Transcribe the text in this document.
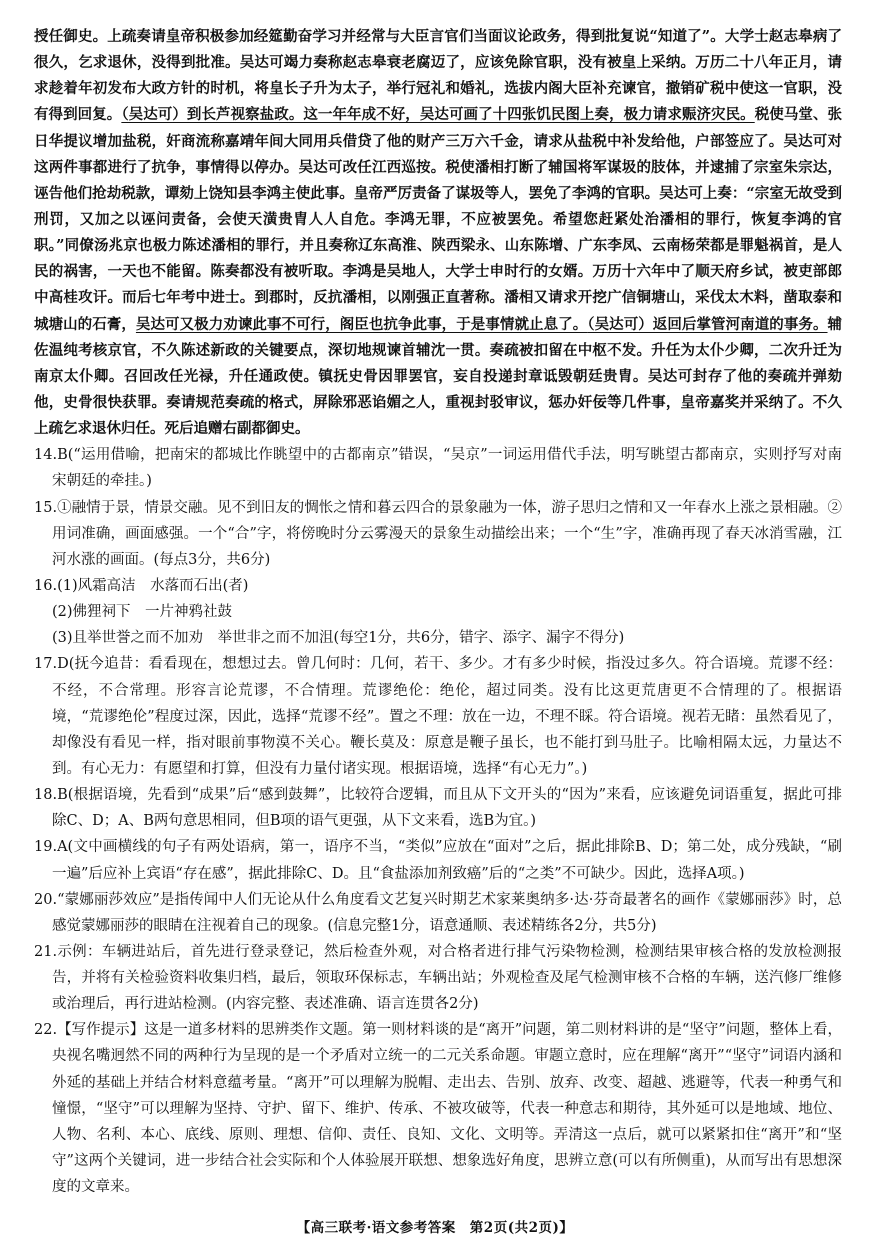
授任御史。上疏奏请皇帝积极参加经筵勤奋学习并经常与大臣言官们当面议论政务，得到批复说“知道了”。大学士赵志皋病了很久，乞求退休，没得到批准。吴达可竭力奏称赵志皋衰老腐迈了，应该免除官职，没有被皇上采纳。万历二十八年正月，请求趁着年初发布大政方针的时机，将皇长子升为太子，举行冠礼和婚礼，选拔内阁大臣补充谏官，撤销矿税中使这一官职，没有得到回复。（吴达可）到长芦视察盐政。这一年年成不好，吴达可画了十四张饥民图上奏，极力请求赈济灾民。税使马堂、张日华提议增加盐税，奸商流称嘉靖年间大同用兵借贷了他的财产三万六千金，请求从盐税中补发给他，户部签应了。吴达可对这两件事都进行了抗争，事情得以停办。吴达可改任江西巡按。税使潘相打断了辅国将军谋圾的肢体，并逮捕了宗室朱宗达，诬告他们抢劫税款，谭劾上饶知县李鸿主使此事。皇帝严厉责备了谋圾等人，罢免了李鸿的官职。吴达可上奏：“宗室无故受到刑罚，又加之以诬问责备，会使天潢贵胄人人自危。李鸿无罪，不应被罢免。希望您赶紧处治潘相的罪行，恢复李鸿的官职。”同僚汤兆京也极力陈述潘相的罪行，并且奏称辽东高淮、陕西梁永、山东陈增、广东李凤、云南杨荣都是罪魁祸首，是人民的祸害，一天也不能留。陈奏都没有被听取。李鸿是吴地人，大学士申时行的女婿。万历十六年中了顺天府乡试，被吏部郎中高桂攻讦。而后七年考中进士。到郡时，反抗潘相，以刚强正直著称。潘相又请求开挖广信铜塘山，采伐太木料，凿取泰和城塘山的石膏，吴达可又极力劝谏此事不可行，阁臣也抗争此事，于是事情就止息了。（吴达可）返回后掌管河南道的事务。辅佐温纯考核京官，不久陈述新政的关键要点，深切地规谏首辅沈一贯。奏疏被扣留在中枢不发。升任为太仆少卿，二次升迁为南京太仆卿。召回改任光禄，升任通政使。镇抚史骨因罪罢官，妄自投递封章诋毁朝廷贵胄。吴达可封存了他的奏疏并弹劾他，史骨很快获罪。奏请规范奏疏的格式，屏除邪恶谄媚之人，重视封驳审议，惩办奸佞等几件事，皇帝嘉奖并采纳了。不久上疏乞求退休归任。死后追赠右副都御史。

14.B(“运用借喻，把南宋的都城比作眺望中的古都南京”错误，“吴京”一词运用借代手法，明写眺望古都南京，实则抒写对南宋朝廷的牵挂。)

15.①融情于景，情景交融。见不到旧友的惆怅之情和暮云四合的景象融为一体，游子思归之情和又一年春水上涨之景相融。②用词准确，画面感强。一个“合”字，将傍晚时分云雾漫天的景象生动描绘出来；一个“生”字，准确再现了春天冰消雪融，江河水涨的画面。(每点3分，共6分)

16.(1)风霜高洁　水落而石出(者)

(2)佛狸祠下　一片神鸦社鼓

(3)且举世誉之而不加劝　举世非之而不加沮(每空1分，共6分，错字、添字、漏字不得分)

17.D(抚今追昔：看看现在，想想过去。曾几何时：几何，若干、多少。才有多少时候，指没过多久。符合语境。荒谬不经：不经，不合常理。形容言论荒谬，不合情理。荒谬绝伦：绝伦，超过同类。没有比这更荒唐更不合情理的了。根据语境，“荒谬绝伦”程度过深，因此，选择“荒谬不经”。置之不理：放在一边，不理不睬。符合语境。视若无睹：虽然看见了，却像没有看见一样，指对眼前事物漠不关心。鞭长莫及：原意是鞭子虽长，也不能打到马肚子。比喻相隔太远，力量达不到。有心无力：有愿望和打算，但没有力量付诸实现。根据语境，选择“有心无力”。)

18.B(根据语境，先看到“成果”后“感到鼓舞”，比较符合逻辑，而且从下文开头的“因为”来看，应该避免词语重复，据此可排除C、D；A、B两句意思相同，但B项的语气更强，从下文来看，选B为宜。)

19.A(文中画横线的句子有两处语病，第一，语序不当，“类似”应放在“面对”之后，据此排除B、D；第二处，成分残缺，“刷一遍”后应补上宾语“存在感”，据此排除C、D。且“食盐添加剂致癌”后的“之类”不可缺少。因此，选择A项。)

20.“蒙娜丽莎效应”是指传闻中人们无论从什么角度看文艺复兴时期艺术家莱奥纳多·达·芬奇最著名的画作《蒙娜丽莎》时，总感觉蒙娜丽莎的眼睛在注视着自己的现象。(信息完整1分，语意通顺、表述精练各2分，共5分)

21.示例：车辆进站后，首先进行登录登记，然后检查外观，对合格者进行排气污染物检测，检测结果审核合格的发放检测报告，并将有关检验资料收集归档，最后，领取环保标志，车辆出站；外观检查及尾气检测审核不合格的车辆，送汽修厂维修或治理后，再行进站检测。(内容完整、表述准确、语言连贯各2分)

22.【写作提示】这是一道多材料的思辨类作文题。第一则材料谈的是“离开”问题，第二则材料讲的是“坚守”问题，整体上看，央视名嘴迥然不同的两种行为呈现的是一个矛盾对立统一的二元关系命题。审题立意时，应在理解“离开”“坚守”词语内涵和外延的基础上并结合材料意蕴考量。“离开”可以理解为脱帽、走出去、告别、放弃、改变、超越、逃避等，代表一种勇气和憧憬，“坚守”可以理解为坚持、守护、留下、维护、传承、不被攻破等，代表一种意志和期待，其外延可以是地域、地位、人物、名利、本心、底线、原则、理想、信仰、责任、良知、文化、文明等。弄清这一点后，就可以紧紧扣住“离开”和“坚守”这两个关键词，进一步结合社会实际和个人体验展开联想、想象选好角度，思辨立意(可以有所侧重)，从而写出有思想深度的文章来。

【高三联考·语文参考答案　第2页(共2页)】
